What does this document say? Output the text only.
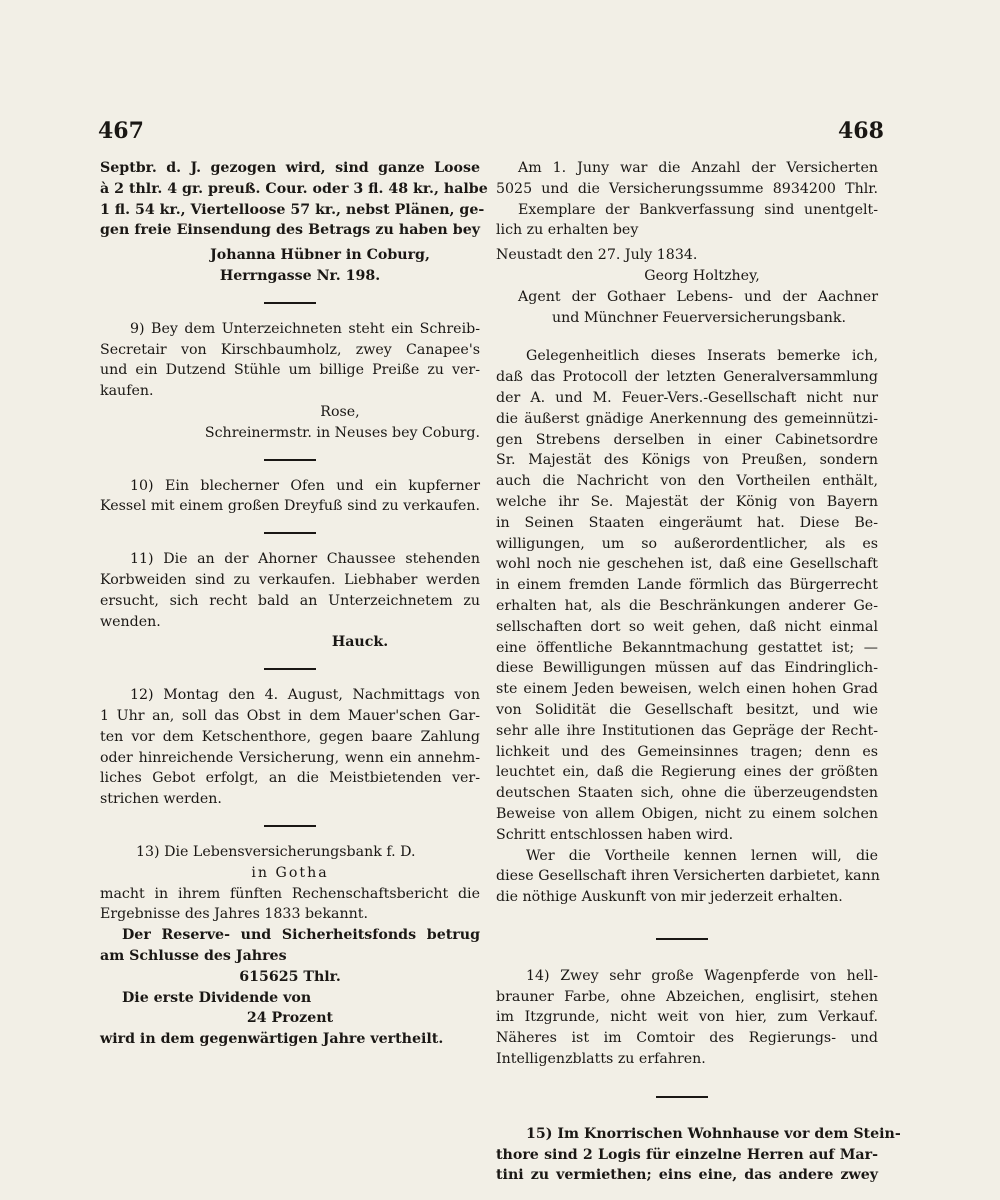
467	468

Septbr. d. J. gezogen wird, sind ganze Loose
à 2 thlr. 4 gr. preuß. Cour. oder 3 fl. 48 kr., halbe
1 fl. 54 kr., Viertelloose 57 kr., nebst Plänen, ge-
gen freie Einsendung des Betrags zu haben bey

Johanna Hübner in Coburg,
Herrngasse Nr. 198.

9) Bey dem Unterzeichneten steht ein Schreib-
Secretair von Kirschbaumholz, zwey Canapee's
und ein Dutzend Stühle um billige Preiße zu ver-
kaufen.

Rose,
Schreinermstr. in Neuses bey Coburg.

10) Ein blecherner Ofen und ein kupferner
Kessel mit einem großen Dreyfuß sind zu verkaufen.

11) Die an der Ahorner Chaussee stehenden
Korbweiden sind zu verkaufen. Liebhaber werden
ersucht, sich recht bald an Unterzeichnetem zu
wenden.

Hauck.

12) Montag den 4. August, Nachmittags von
1 Uhr an, soll das Obst in dem Mauer'schen Gar-
ten vor dem Ketschenthore, gegen baare Zahlung
oder hinreichende Versicherung, wenn ein annehm-
liches Gebot erfolgt, an die Meistbietenden ver-
strichen werden.

13) Die Lebensversicherungsbank f. D.
in Gotha
macht in ihrem fünften Rechenschaftsbericht die
Ergebnisse des Jahres 1833 bekannt.
Der Reserve- und Sicherheitsfonds betrug
am Schlusse des Jahres
615625 Thlr.
Die erste Dividende von
24 Prozent
wird in dem gegenwärtigen Jahre vertheilt.

Am 1. Juny war die Anzahl der Versicherten
5025 und die Versicherungssumme 8934200 Thlr.
Exemplare der Bankverfassung sind unentgelt-
lich zu erhalten bey

Neustadt den 27. July 1834.
Georg Holtzhey,
Agent der Gothaer Lebens- und der Aachner
und Münchner Feuerversicherungsbank.

Gelegenheitlich dieses Inserats bemerke ich,
daß das Protocoll der letzten Generalversammlung
der A. und M. Feuer-Vers.-Gesellschaft nicht nur
die äußerst gnädige Anerkennung des gemeinnützi-
gen Strebens derselben in einer Cabinetsordre
Sr. Majestät des Königs von Preußen, sondern
auch die Nachricht von den Vortheilen enthält,
welche ihr Se. Majestät der König von Bayern
in Seinen Staaten eingeräumt hat. Diese Be-
willigungen, um so außerordentlicher, als es
wohl noch nie geschehen ist, daß eine Gesellschaft
in einem fremden Lande förmlich das Bürgerrecht
erhalten hat, als die Beschränkungen anderer Ge-
sellschaften dort so weit gehen, daß nicht einmal
eine öffentliche Bekanntmachung gestattet ist; —
diese Bewilligungen müssen auf das Eindringlich-
ste einem Jeden beweisen, welch einen hohen Grad
von Solidität die Gesellschaft besitzt, und wie
sehr alle ihre Institutionen das Gepräge der Recht-
lichkeit und des Gemeinsinnes tragen; denn es
leuchtet ein, daß die Regierung eines der größten
deutschen Staaten sich, ohne die überzeugendsten
Beweise von allem Obigen, nicht zu einem solchen
Schritt entschlossen haben wird.

Wer die Vortheile kennen lernen will, die
diese Gesellschaft ihren Versicherten darbietet, kann
die nöthige Auskunft von mir jederzeit erhalten.

14) Zwey sehr große Wagenpferde von hell-
brauner Farbe, ohne Abzeichen, englisirt, stehen
im Itzgrunde, nicht weit von hier, zum Verkauf.
Näheres ist im Comtoir des Regierungs- und
Intelligenzblatts zu erfahren.

15) Im Knorrischen Wohnhause vor dem Stein-
thore sind 2 Logis für einzelne Herren auf Mar-
tini zu vermiethen; eins eine, das andere zwey
